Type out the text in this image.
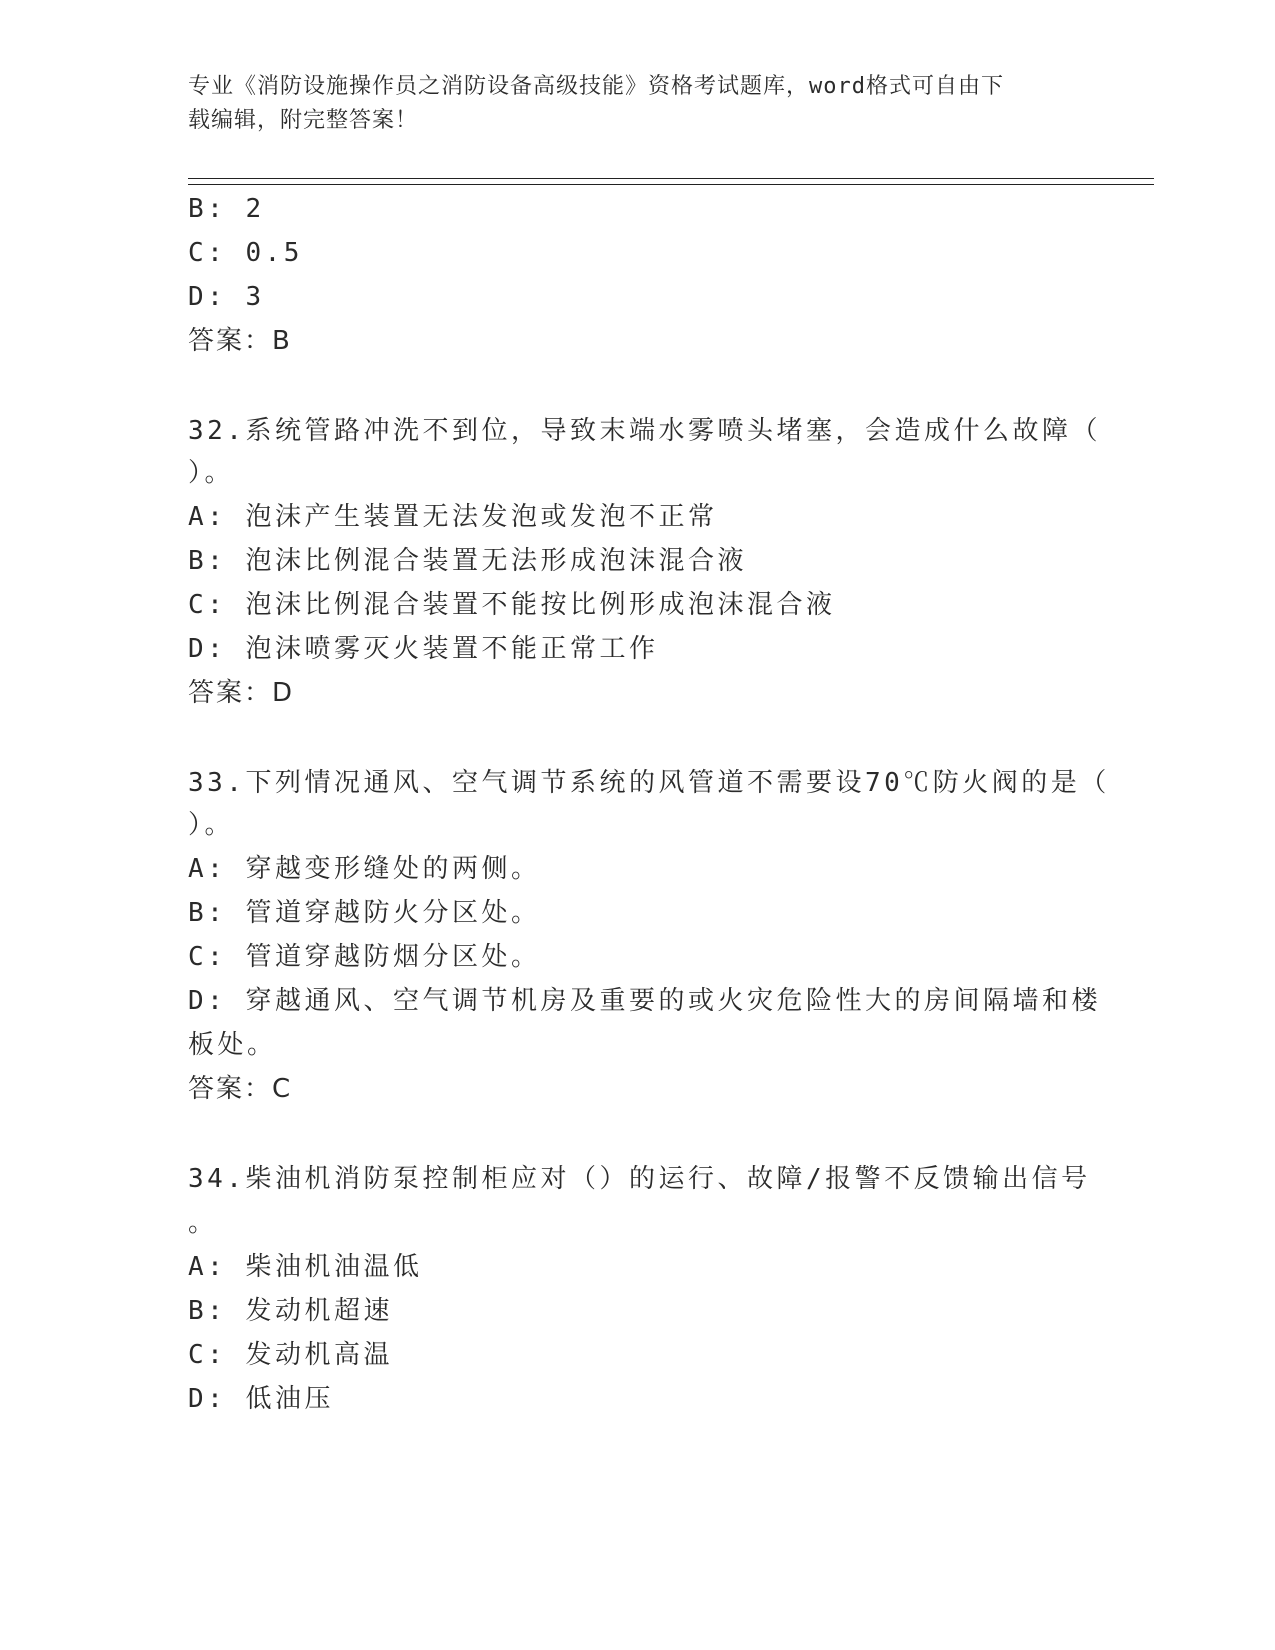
专业《消防设施操作员之消防设备高级技能》资格考试题库，word格式可自由下
载编辑，附完整答案！
B: 2
C: 0.5
D: 3
答案：B
32.系统管路冲洗不到位，导致末端水雾喷头堵塞，会造成什么故障（
）。
A: 泡沫产生装置无法发泡或发泡不正常
B: 泡沫比例混合装置无法形成泡沫混合液
C: 泡沫比例混合装置不能按比例形成泡沫混合液
D: 泡沫喷雾灭火装置不能正常工作
答案：D
33.下列情况通风、空气调节系统的风管道不需要设70℃防火阀的是（
）。
A: 穿越变形缝处的两侧。
B: 管道穿越防火分区处。
C: 管道穿越防烟分区处。
D: 穿越通风、空气调节机房及重要的或火灾危险性大的房间隔墙和楼
板处。
答案：C
34.柴油机消防泵控制柜应对（）的运行、故障/报警不反馈输出信号
。
A: 柴油机油温低
B: 发动机超速
C: 发动机高温
D: 低油压
